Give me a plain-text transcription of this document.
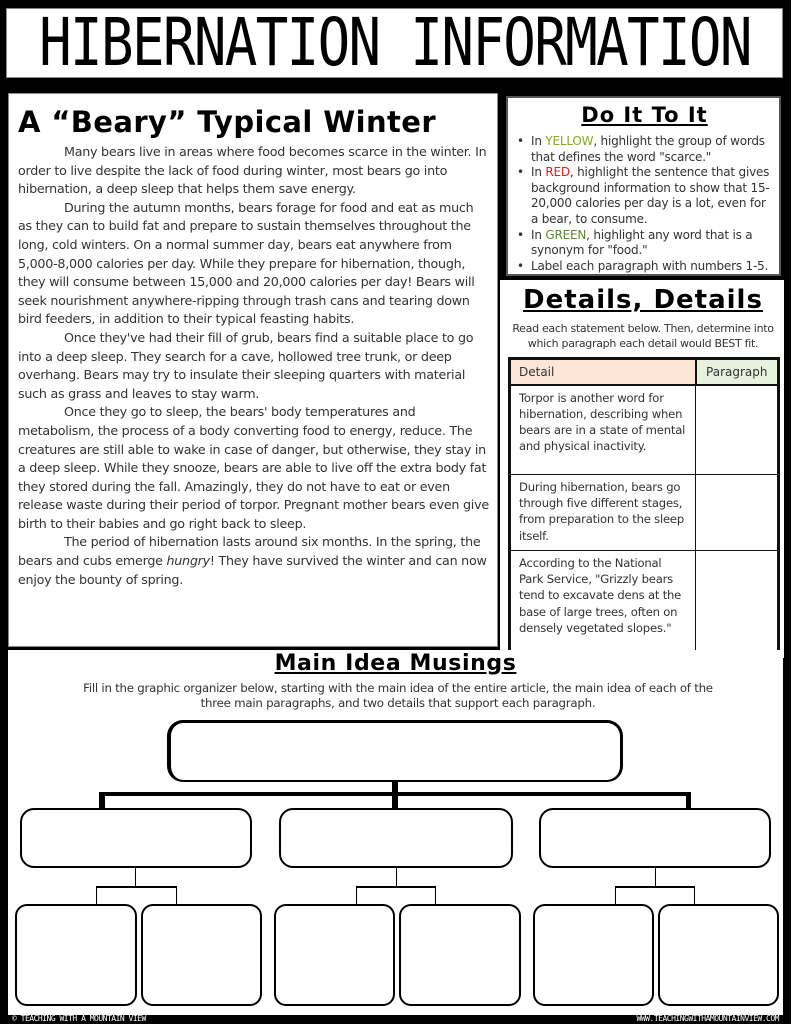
HIBERNATION INFORMATION
A “Beary” Typical Winter

Many bears live in areas where food becomes scarce in the winter. In order to live despite the lack of food during winter, most bears go into hibernation, a deep sleep that helps them save energy.

During the autumn months, bears forage for food and eat as much as they can to build fat and prepare to sustain themselves throughout the long, cold winters. On a normal summer day, bears eat anywhere from 5,000-8,000 calories per day. While they prepare for hibernation, though, they will consume between 15,000 and 20,000 calories per day! Bears will seek nourishment anywhere-ripping through trash cans and tearing down bird feeders, in addition to their typical feasting habits.

Once they've had their fill of grub, bears find a suitable place to go into a deep sleep. They search for a cave, hollowed tree trunk, or deep overhang. Bears may try to insulate their sleeping quarters with material such as grass and leaves to stay warm.

Once they go to sleep, the bears' body temperatures and metabolism, the process of a body converting food to energy, reduce. The creatures are still able to wake in case of danger, but otherwise, they stay in a deep sleep. While they snooze, bears are able to live off the extra body fat they stored during the fall. Amazingly, they do not have to eat or even release waste during their period of torpor. Pregnant mother bears even give birth to their babies and go right back to sleep.

The period of hibernation lasts around six months. In the spring, the bears and cubs emerge hungry! They have survived the winter and can now enjoy the bounty of spring.

Do It To It
• In YELLOW, highlight the group of words that defines the word "scarce."
• In RED, highlight the sentence that gives background information to show that 15-20,000 calories per day is a lot, even for a bear, to consume.
• In GREEN, highlight any word that is a synonym for "food."
• Label each paragraph with numbers 1-5.
Details, Details
Read each statement below. Then, determine into which paragraph each detail would BEST fit.
Detail	Paragraph
Torpor is another word for hibernation, describing when bears are in a state of mental and physical inactivity.	
During hibernation, bears go through five different stages, from preparation to the sleep itself.	
According to the National Park Service, "Grizzly bears tend to excavate dens at the base of large trees, often on densely vegetated slopes."	
Main Idea Musings
Fill in the graphic organizer below, starting with the main idea of the entire article, the main idea of each of the three main paragraphs, and two details that support each paragraph.
© TEACHING WITH A MOUNTAIN VIEW	WWW.TEACHINGWITHAMOUNTAINVIEW.COM
